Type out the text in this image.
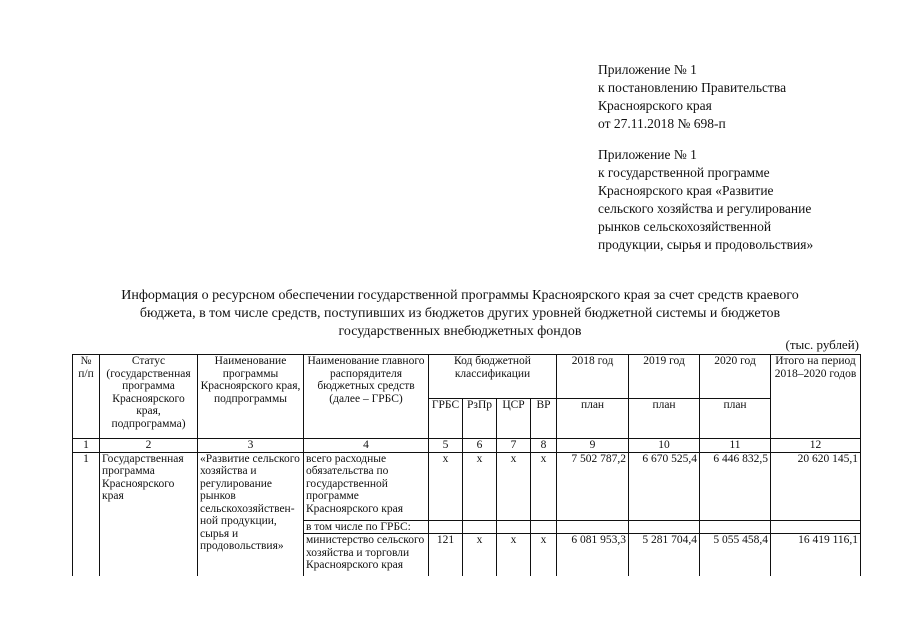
Приложение № 1
к постановлению Правительства
Красноярского края
от 27.11.2018 № 698-п
Приложение № 1
к государственной программе
Красноярского края «Развитие
сельского хозяйства и регулирование
рынков сельскохозяйственной
продукции, сырья и продовольствия»
Информация о ресурсном обеспечении государственной программы Красноярского края за счет средств краевого
бюджета, в том числе средств, поступивших из бюджетов других уровней бюджетной системы и бюджетов
государственных внебюджетных фондов
(тыс. рублей)
№ п/п	Статус (государственная программа Красноярского края, подпрограмма)	Наименование программы Красноярского края, подпрограммы	Наименование главного распорядителя бюджетных средств (далее – ГРБС)	Код бюджетной классификации				2018 год	2019 год	2020 год	Итого на период 2018–2020 годов
				ГРБС	РзПр	ЦСР	ВР	план	план	план	
1	2	3	4	5	6	7	8	9	10	11	12
1	Государственная программа Красноярского края	«Развитие сельского хозяйства и регулирование рынков сельскохозяйствен-ной продукции, сырья и продовольствия»	всего расходные обязательства по государственной программе Красноярского края	х	х	х	х	7 502 787,2	6 670 525,4	6 446 832,5	20 620 145,1
			в том числе по ГРБС:								
			министерство сельского хозяйства и торговли Красноярского края	121	х	х	х	6 081 953,3	5 281 704,4	5 055 458,4	16 419 116,1
